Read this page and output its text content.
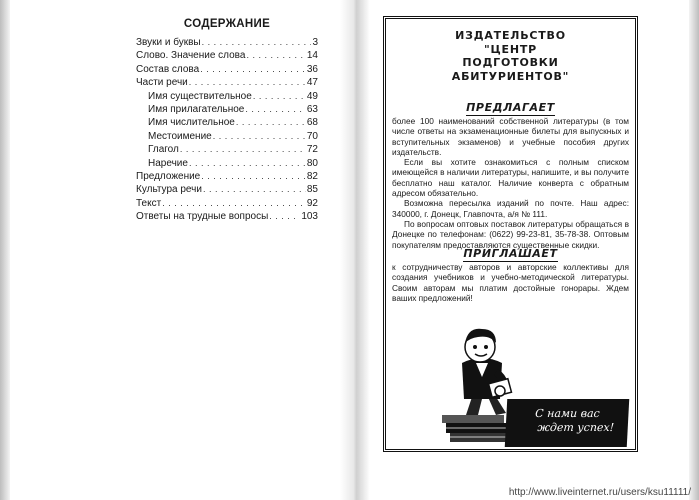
СОДЕРЖАНИЕ
Звуки и буквы . . .	3
Слово. Значение слова . . .	14
Состав слова . . .	36
Части речи . . .	47
Имя существительное . . .	49
Имя прилагательное . . .	63
Имя числительное . . .	68
Местоимение . . .	70
Глагол . . .	72
Наречие . . .	80
Предложение . . .	82
Культура речи . . .	85
Текст . . .	92
Ответы на трудные вопросы . . .	103
ИЗДАТЕЛЬСТВО
"ЦЕНТР
ПОДГОТОВКИ
АБИТУРИЕНТОВ"
ПРЕДЛАГАЕТ

более 100 наименований собственной литературы (в том числе ответы на экзаменационные билеты для выпускных и вступительных экзаменов) и учебные пособия других издательств.

Если вы хотите ознакомиться с полным списком имеющейся в наличии литературы, напишите, и вы получите бесплатно наш каталог. Наличие конверта с обратным адресом обязательно.

Возможна пересылка изданий по почте. Наш адрес: 340000, г. Донецк, Главпочта, а/я № 111.

По вопросам оптовых поставок литературы обращаться в Донецке по телефонам: (0622) 99-23-81, 35-78-38. Оптовым покупателям предоставляются существенные скидки.

ПРИГЛАШАЕТ

к сотрудничеству авторов и авторские коллективы для создания учебников и учебно-методической литературы. Своим авторам мы платим достойные гонорары. Ждем ваших предложений!

С нами вас
ждет успех!
http://www.liveinternet.ru/users/ksu11111/
